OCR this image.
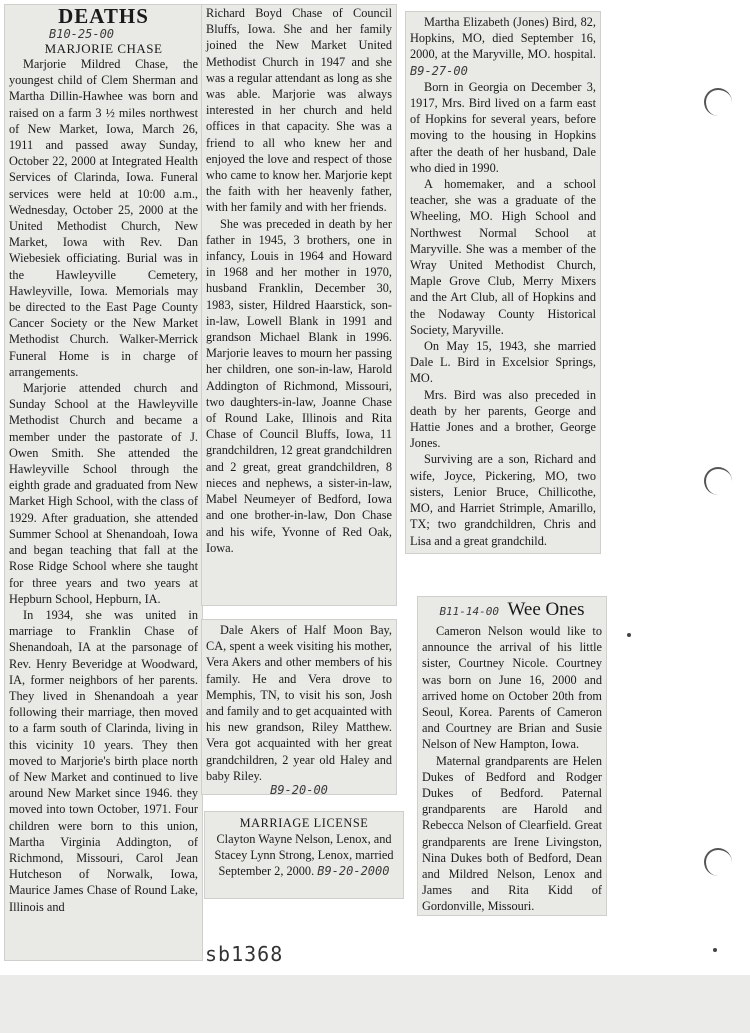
DEATHS
B10-25-00
MARJORIE CHASE

Marjorie Mildred Chase, the youngest child of Clem Sherman and Martha Dillin-Hawhee was born and raised on a farm 3 ½ miles northwest of New Market, Iowa, March 26, 1911 and passed away Sunday, October 22, 2000 at Integrated Health Services of Clarinda, Iowa. Funeral services were held at 10:00 a.m., Wednesday, October 25, 2000 at the United Methodist Church, New Market, Iowa with Rev. Dan Wiebesiek officiating. Burial was in the Hawleyville Cemetery, Hawleyville, Iowa. Memorials may be directed to the East Page County Cancer Society or the New Market Methodist Church. Walker-Merrick Funeral Home is in charge of arrangements.

Marjorie attended church and Sunday School at the Hawleyville Methodist Church and became a member under the pastorate of J. Owen Smith. She attended the Hawleyville School through the eighth grade and graduated from New Market High School, with the class of 1929. After graduation, she attended Summer School at Shenandoah, Iowa and began teaching that fall at the Rose Ridge School where she taught for three years and two years at Hepburn School, Hepburn, IA.

In 1934, she was united in marriage to Franklin Chase of Shenandoah, IA at the parsonage of Rev. Henry Beveridge at Woodward, IA, former neighbors of her parents. They lived in Shenandoah a year following their marriage, then moved to a farm south of Clarinda, living in this vicinity 10 years. They then moved to Marjorie's birth place north of New Market and continued to live around New Market since 1946. they moved into town October, 1971. Four children were born to this union, Martha Virginia Addington, of Richmond, Missouri, Carol Jean Hutcheson of Norwalk, Iowa, Maurice James Chase of Round Lake, Illinois and

Richard Boyd Chase of Council Bluffs, Iowa. She and her family joined the New Market United Methodist Church in 1947 and she was a regular attendant as long as she was able. Marjorie was always interested in her church and held offices in that capacity. She was a friend to all who knew her and enjoyed the love and respect of those who came to know her. Marjorie kept the faith with her heavenly father, with her family and with her friends.

She was preceded in death by her father in 1945, 3 brothers, one in infancy, Louis in 1964 and Howard in 1968 and her mother in 1970, husband Franklin, December 30, 1983, sister, Hildred Haarstick, son-in-law, Lowell Blank in 1991 and grandson Michael Blank in 1996. Marjorie leaves to mourn her passing her children, one son-in-law, Harold Addington of Richmond, Missouri, two daughters-in-law, Joanne Chase of Round Lake, Illinois and Rita Chase of Council Bluffs, Iowa, 11 grandchildren, 12 great grandchildren and 2 great, great grandchildren, 8 nieces and nephews, a sister-in-law, Mabel Neumeyer of Bedford, Iowa and one brother-in-law, Don Chase and his wife, Yvonne of Red Oak, Iowa.

Dale Akers of Half Moon Bay, CA, spent a week visiting his mother, Vera Akers and other members of his family. He and Vera drove to Memphis, TN, to visit his son, Josh and family and to get acquainted with his new grandson, Riley Matthew. Vera got acquainted with her great grandchildren, 2 year old Haley and baby Riley.

B9-20-00
MARRIAGE LICENSE

Clayton Wayne Nelson, Lenox, and Stacey Lynn Strong, Lenox, married September 2, 2000. B9-20-2000

Martha Elizabeth (Jones) Bird, 82, Hopkins, MO, died September 16, 2000, at the Maryville, MO. hospital. B9-27-00

Born in Georgia on December 3, 1917, Mrs. Bird lived on a farm east of Hopkins for several years, before moving to the housing in Hopkins after the death of her husband, Dale who died in 1990.

A homemaker, and a school teacher, she was a graduate of the Wheeling, MO. High School and Northwest Normal School at Maryville. She was a member of the Wray United Methodist Church, Maple Grove Club, Merry Mixers and the Art Club, all of Hopkins and the Nodaway County Historical Society, Maryville.

On May 15, 1943, she married Dale L. Bird in Excelsior Springs, MO.

Mrs. Bird was also preceded in death by her parents, George and Hattie Jones and a brother, George Jones.

Surviving are a son, Richard and wife, Joyce, Pickering, MO, two sisters, Lenior Bruce, Chillicothe, MO, and Harriet Strimple, Amarillo, TX; two grandchildren, Chris and Lisa and a great grandchild.

B11-14-00 Wee Ones

Cameron Nelson would like to announce the arrival of his little sister, Courtney Nicole. Courtney was born on June 16, 2000 and arrived home on October 20th from Seoul, Korea. Parents of Cameron and Courtney are Brian and Susie Nelson of New Hampton, Iowa.

Maternal grandparents are Helen Dukes of Bedford and Rodger Dukes of Bedford. Paternal grandparents are Harold and Rebecca Nelson of Clearfield. Great grandparents are Irene Livingston, Nina Dukes both of Bedford, Dean and Mildred Nelson, Lenox and James and Rita Kidd of Gordonville, Missouri.

sb1368
